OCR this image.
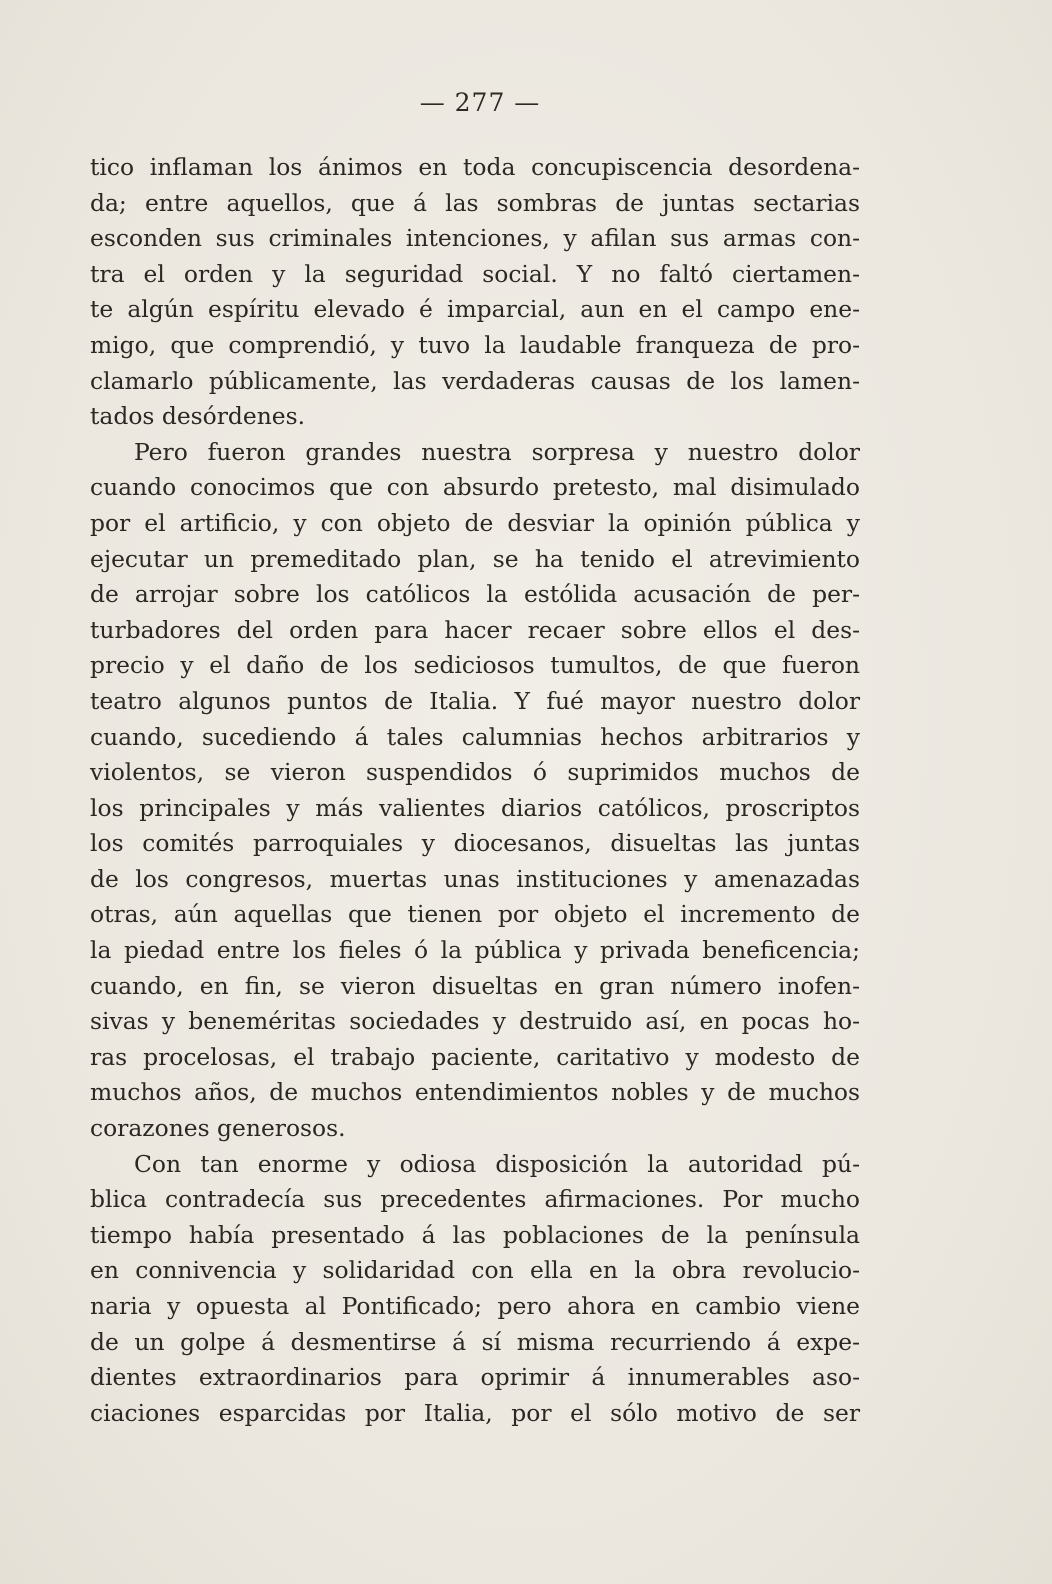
— 277 —
tico inflaman los ánimos en toda concupiscencia desordena-
da; entre aquellos, que á las sombras de juntas sectarias
esconden sus criminales intenciones, y afilan sus armas con-
tra el orden y la seguridad social. Y no faltó ciertamen-
te algún espíritu elevado é imparcial, aun en el campo ene-
migo, que comprendió, y tuvo la laudable franqueza de pro-
clamarlo públicamente, las verdaderas causas de los lamen-
tados desórdenes.
Pero fueron grandes nuestra sorpresa y nuestro dolor
cuando conocimos que con absurdo pretesto, mal disimulado
por el artificio, y con objeto de desviar la opinión pública y
ejecutar un premeditado plan, se ha tenido el atrevimiento
de arrojar sobre los católicos la estólida acusación de per-
turbadores del orden para hacer recaer sobre ellos el des-
precio y el daño de los sediciosos tumultos, de que fueron
teatro algunos puntos de Italia. Y fué mayor nuestro dolor
cuando, sucediendo á tales calumnias hechos arbitrarios y
violentos, se vieron suspendidos ó suprimidos muchos de
los principales y más valientes diarios católicos, proscriptos
los comités parroquiales y diocesanos, disueltas las juntas
de los congresos, muertas unas instituciones y amenazadas
otras, aún aquellas que tienen por objeto el incremento de
la piedad entre los fieles ó la pública y privada beneficencia;
cuando, en fin, se vieron disueltas en gran número inofen-
sivas y beneméritas sociedades y destruido así, en pocas ho-
ras procelosas, el trabajo paciente, caritativo y modesto de
muchos años, de muchos entendimientos nobles y de muchos
corazones generosos.
Con tan enorme y odiosa disposición la autoridad pú-
blica contradecía sus precedentes afirmaciones. Por mucho
tiempo había presentado á las poblaciones de la península
en connivencia y solidaridad con ella en la obra revolucio-
naria y opuesta al Pontificado; pero ahora en cambio viene
de un golpe á desmentirse á sí misma recurriendo á expe-
dientes extraordinarios para oprimir á innumerables aso-
ciaciones esparcidas por Italia, por el sólo motivo de ser
